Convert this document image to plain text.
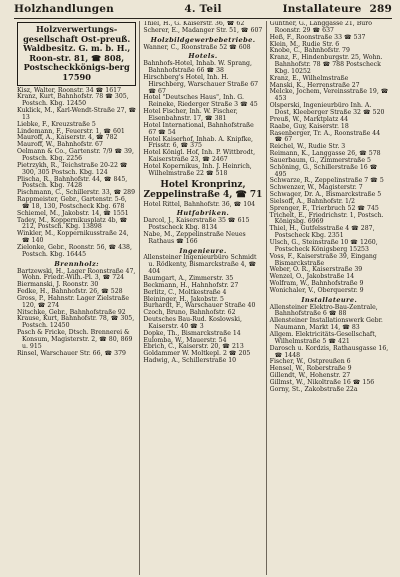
Holzhandlungen	4. Teil	Installateure 289
Holzverwertungs-gesellschaft Ost-preuß. Waldbesitz. G. m. b. H., Roon-str. 81, ☎ 808, Postscheckkönigs-berg 17590
Kisz, Walter, Roonstr. 34 ☎ 1617
Kranz, Kurt, Bahnhofstr. 78 ☎ 305, Postsch. Kbg. 12450
Kuklick, M., Karl-Wendt-Straße 27, ☎ 13
Liebke, F., Kreuzstraße 5
Lindemann, F., Feuerstr. 1, ☎ 601
Mauroff, A., Kaiserstr. 4, ☎ 782
Mauroff, W., Bahnhofstr. 67
Oelmann & Co., Gartenstr. 7/9 ☎ 39, Postsch. Kbg. 2256
Pietrzykh, R., Teichstraße 20-22 ☎ 300, 305 Postsch. Kbg. 124
Plischa, R., Bahnhofstr. 44, ☎ 845, Postsch. Kbg. 7428
Pischmann, C., Schillerstr. 33, ☎ 289
Rappmeister, Gebr., Gartenstr. 5-6, ☎ 18, 130, Postscheck Kbg. 678
Schiemel, M., Jakobstr. 14, ☎ 1551
Tadey, M., Koppernikusplatz 4b, ☎ 212, Postsch. Kbg. 13898
Winkler, M., Koppernikusstraße 24, ☎ 140
Zielonke, Gebr., Roonstr. 56, ☎ 438, Postsch. Kbg. 16445
Brennholz:
Bartzewski, H., Lager Roonstraße 47, Wohn. Friedr.-Wilh.-Pl. 3, ☎ 724
Biermanski, J. Roonstr. 30
Fedke, H., Bahnhofstr. 26, ☎ 528
Gross, P., Hahnstr. Lager Zielstraße 120, ☎ 274
Nitschke, Gebr., Bahnhofstraße 92
Krause, Kurt, Bahnhofstr. 78, ☎ 305, Postsch. 12450
Pasch & Fricke, Dtsch. Brennerei & Konsum, Magisterstr. 2, ☎ 80, 869 u. 915
Rinsel, Warschauer Str. 66, ☎ 379
Thiel, H., G. Kaiserstr. 36, ☎ 62
Scherer, E., Madanger Str. 51, ☎ 607
Holzbildgewerbebetriebe.
Wanner, C., Roonstraße 52 ☎ 608
Hotels.
Bahnhofs-Hotel, Inhab. W. Sprang, Bahnhofstraße 66 ☎ 38
Hirschberg's Hotel, Inh. H. Hirschberg, Warschauer Straße 67 ☎ 67
Hotel "Deutsches Haus", Inh. G. Reineke, Riederger Straße 3 ☎ 45
Hotel Fischer, Inh. W. Fischer, Eisenbahnstr. 17, ☎ 381
Hotel International, Bahnhofstraße 67 ☎ 54
Hotel Kaiserhof, Inhab. A. Knipfke, Frisstr. 6, ☎ 375
Hotel Königl. Hof, Inh. P. Wittbrodt, Kaiserstraße 23, ☎ 2467
Hotel Kopernikus, Inh. J. Heinrich, Wilhelmstraße 22 ☎ 518
Hotel Kronprinz, Zeppelinstraße 4, ☎ 71
Hotel Rittel, Bahnhofstr. 36, ☎ 104
Hutfabriken.
Darcol, J., Kaiserstraße 35 ☎ 615 Postscheck Kbg. 8134
Nabe, M., Zeppelinstraße Neues Rathaus ☎ 166
Ingenieure.
Allensteiner Ingenieurbüro Schmidt u. Rödkenty, Bismarckstraße 4, ☎ 404
Baumgart, A., Zimmerstr. 35
Beckmann, H., Hahnhofstr. 27
Berlitz, C., Moltkestraße 4
Bleininger, H., Jakobstr. 5
Burhardt, F., Warschauer Straße 40
Czoch, Bruno, Bahnhofstr. 62
Deutsches Bau-Rud. Koslowski, Kaiserstr. 40 ☎ 3
Dopke, Th., Bismarckstraße 14
Eulomba, W., Mauerstr. 54
Ebrich, C., Kaiserstr. 20, ☎ 213
Goldammer W. Moltkepl. 2 ☎ 205
Hadwig, A., Schillerstraße 10
Günther, G., Langgasse 21, Büro Roonstr. 29 ☎ 637
Heß, F., Roonstraße 33 ☎ 537
Klein, M., Rudie Str. 6
Knobe, C., Bahnhofstr. 79
Kranz, F., Hindenburgstr. 25, Wohn. Bahnhofstr. 78 ☎ 788 Postscheck Kbg. 10252
Kranz, E., Wilhelmstraße
Manski, K., Herrenstraße 27
Melcke, Jochem, Vereinsstraße 19, ☎ 453
Olsperski, Ingenieurbüro Inh. A. Dost, Kleeberger Straße 32 ☎ 520
Preuß, W., Marktplatz 44
Raabe, Guy, Kaiserstr. 18
Rasenberger, Tr. A., Roonstraße 44 ☎ 67
Reichel, W., Rudie Str. 3
Reimann, K., Langgasse 26, ☎ 578
Sauerbaum, G., Zimmerstraße 5
Schöning, G., Schillerstraße 16 ☎ 495
Schwarze, R., Zeppelinstraße 7 ☎ 5
Schwenzer, W., Magisterstr. 7
Schwager, Dr. A., Bismarckstraße 5
Sielsoff, A., Bahnhofstr. 1/2
Sprenger, F., Trierbruch 52 ☎ 745
Trichelt, E., Friedrichstr. 1, Postsch. Königsbg. 6969
Thiel, H., Gutfelsstraße 4 ☎ 287, Postscheck Kbg. 2351
Ulsch, G., Steinstraße 10 ☎ 1260, Postscheck Königsberg 15253
Voss, F., Kaiserstraße 39, Eingang Bismarckstraße
Weber, O. R., Kaiserstraße 39
Wenzel, O., Jakobstraße 14
Wolfram, W., Bahnhofstraße 9
Wonichaler, V., Oberquerstr. 9
Installateure.
Allensteiner Elektro-Bau-Zentrale, Bahnhofstraße 6 ☎ 88
Allensteiner Installationswerk Gebr. Naumann, Markt 14, ☎ 83
Allgem. Elektricitäts-Gesellschaft, Wilhelmstraße 5 ☎ 421
Darosch u. Kordzis, Rathausgasse 16, ☎ 1448
Fischer, W., Ostpreußen 6
Hensel, W., Roberstraße 9
Gillendt, W., Hohenstr. 27
Gillmst, W., Nikoltraße 16 ☎ 156
Gorny, St., Zakobstraße 22a
